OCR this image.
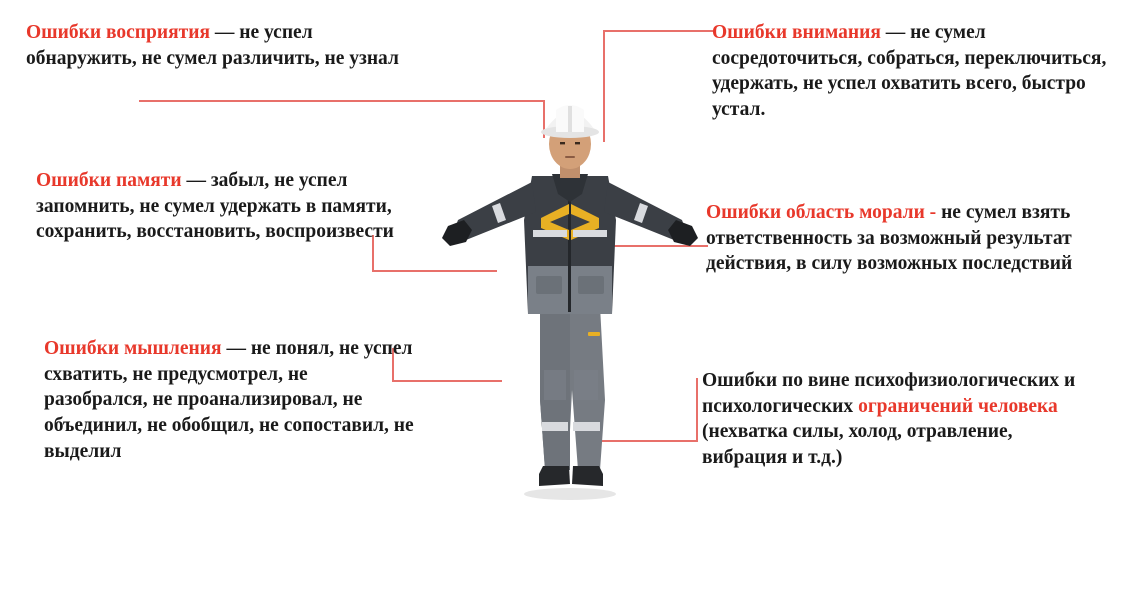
Ошибки восприятия — не успел обнаружить, не сумел различить, не узнал
Ошибки внимания — не сумел сосредоточиться, собраться, переключиться, удержать, не успел охватить всего, быстро устал.
Ошибки памяти — забыл, не успел запомнить, не сумел удержать в памяти, сохранить, восстановить, воспроизвести
Ошибки область морали - не сумел взять ответственность за возможный результат действия, в силу возможных последствий
Ошибки мышления — не понял, не успел схватить, не предусмотрел, не разобрался, не проанализировал, не объединил, не обобщил, не сопоставил, не выделил
Ошибки по вине психофизиологических и психологических ограничений человека (нехватка силы, холод, отравление, вибрация и т.д.)
